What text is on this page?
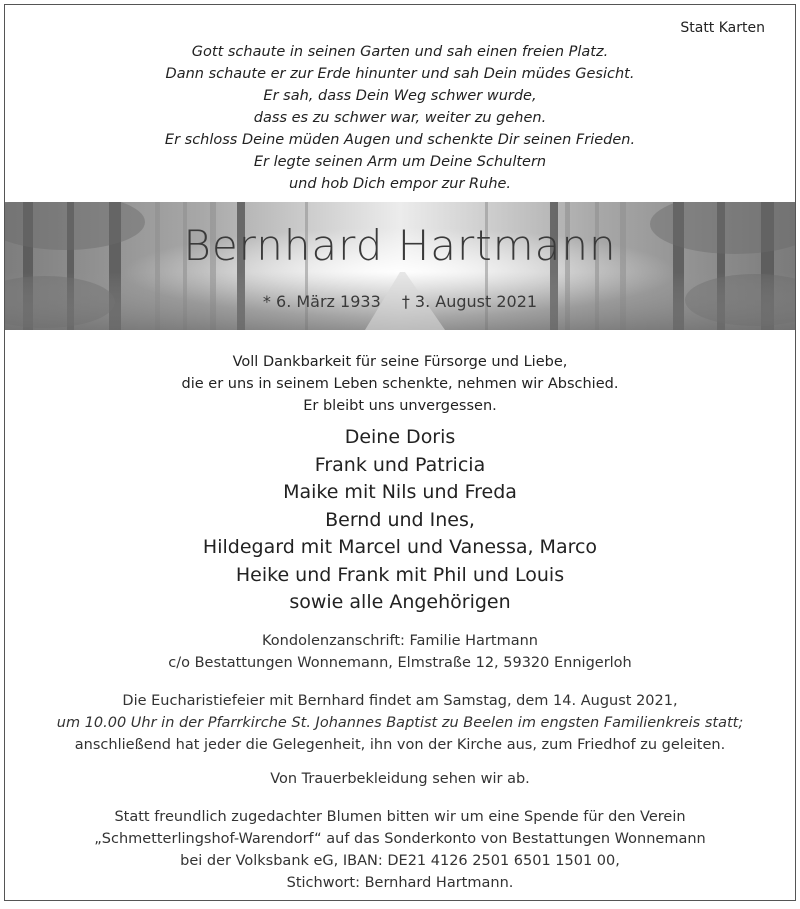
Statt Karten
Gott schaute in seinen Garten und sah einen freien Platz.
Dann schaute er zur Erde hinunter und sah Dein müdes Gesicht.
Er sah, dass Dein Weg schwer wurde,
dass es zu schwer war, weiter zu gehen.
Er schloss Deine müden Augen und schenkte Dir seinen Frieden.
Er legte seinen Arm um Deine Schultern
und hob Dich empor zur Ruhe.
Bernhard Hartmann
* 6. März 1933 † 3. August 2021
Voll Dankbarkeit für seine Fürsorge und Liebe,
die er uns in seinem Leben schenkte, nehmen wir Abschied.
Er bleibt uns unvergessen.
Deine Doris
Frank und Patricia
Maike mit Nils und Freda
Bernd und Ines,
Hildegard mit Marcel und Vanessa, Marco
Heike und Frank mit Phil und Louis
sowie alle Angehörigen
Kondolenzanschrift: Familie Hartmann
c/o Bestattungen Wonnemann, Elmstraße 12, 59320 Ennigerloh
Die Eucharistiefeier mit Bernhard findet am Samstag, dem 14. August 2021,
um 10.00 Uhr in der Pfarrkirche St. Johannes Baptist zu Beelen im engsten Familienkreis statt;
anschließend hat jeder die Gelegenheit, ihn von der Kirche aus, zum Friedhof zu geleiten.
Von Trauerbekleidung sehen wir ab.
Statt freundlich zugedachter Blumen bitten wir um eine Spende für den Verein
„Schmetterlingshof-Warendorf“ auf das Sonderkonto von Bestattungen Wonnemann
bei der Volksbank eG, IBAN: DE21 4126 2501 6501 1501 00,
Stichwort: Bernhard Hartmann.
